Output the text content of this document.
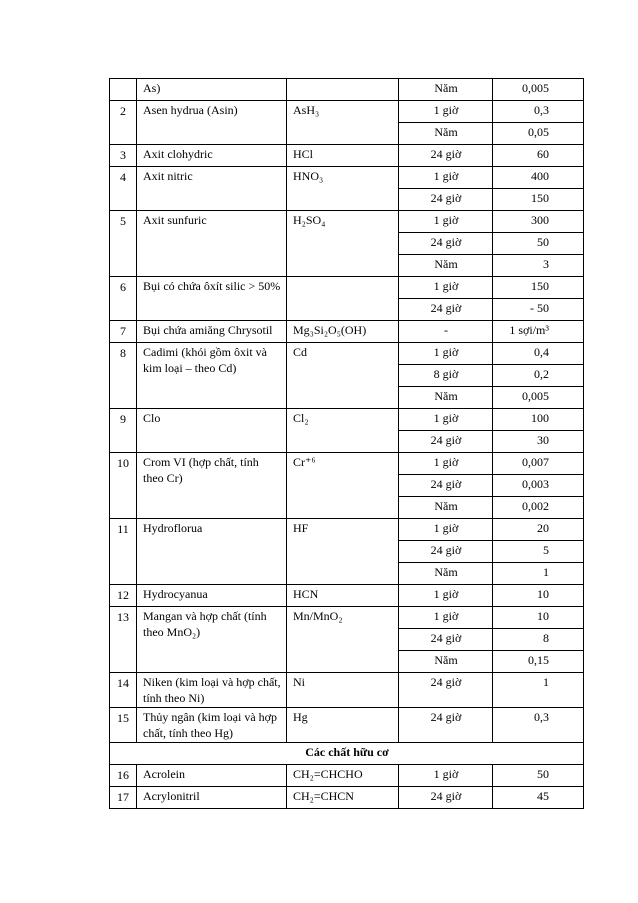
	As)		Năm	0,005
2	Asen hydrua (Asin)	AsH₃	1 giờ	0,3
			Năm	0,05
3	Axit clohydric	HCl	24 giờ	60
4	Axit nitric	HNO₃	1 giờ	400
			24 giờ	150
5	Axit sunfuric	H₂SO₄	1 giờ	300
			24 giờ	50
			Năm	3
6	Bụi có chứa ôxít silic > 50%		1 giờ	150
			24 giờ	- 50
7	Bụi chứa amiăng Chrysotil	Mg₃Si₂O₅(OH)	-	1 sợi/m³
8	Cadimi (khói gồm ôxit và kim loại – theo Cd)	Cd	1 giờ	0,4
			8 giờ	0,2
			Năm	0,005
9	Clo	Cl₂	1 giờ	100
			24 giờ	30
10	Crom VI (hợp chất, tính theo Cr)	Cr⁺⁶	1 giờ	0,007
			24 giờ	0,003
			Năm	0,002
11	Hydroflorua	HF	1 giờ	20
			24 giờ	5
			Năm	1
12	Hydrocyanua	HCN	1 giờ	10
13	Mangan và hợp chất (tính theo MnO₂)	Mn/MnO₂	1 giờ	10
			24 giờ	8
			Năm	0,15
14	Niken (kim loại và hợp chất, tính theo Ni)	Ni	24 giờ	1
15	Thủy ngân (kim loại và hợp chất, tính theo Hg)	Hg	24 giờ	0,3
Các chất hữu cơ				
16	Acrolein	CH₂=CHCHO	1 giờ	50
17	Acrylonitril	CH₂=CHCN	24 giờ	45
